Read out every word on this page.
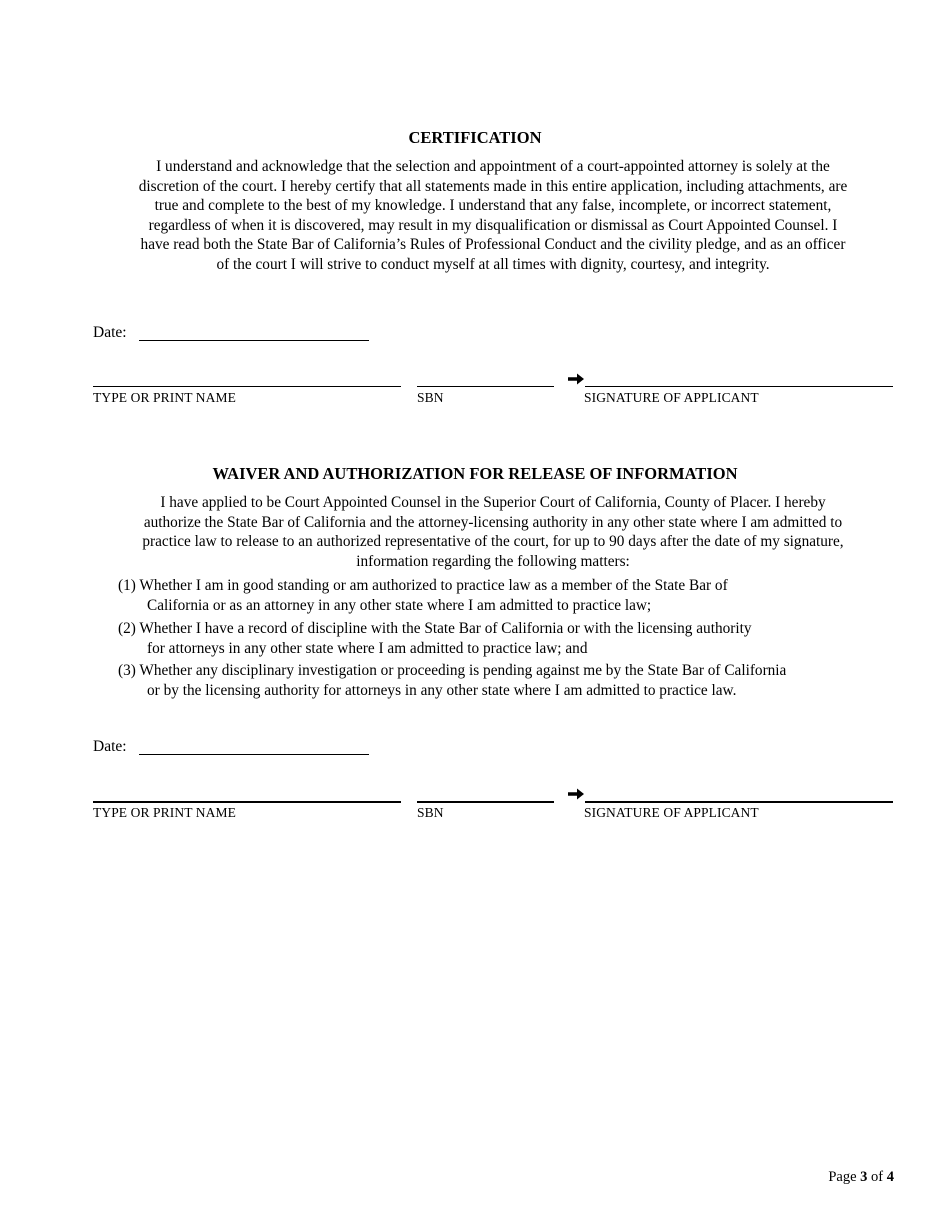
CERTIFICATION
I understand and acknowledge that the selection and appointment of a court-appointed attorney is solely at the
discretion of the court. I hereby certify that all statements made in this entire application, including attachments, are
true and complete to the best of my knowledge. I understand that any false, incomplete, or incorrect statement,
regardless of when it is discovered, may result in my disqualification or dismissal as Court Appointed Counsel. I
have read both the State Bar of California’s Rules of Professional Conduct and the civility pledge, and as an officer
of the court I will strive to conduct myself at all times with dignity, courtesy, and integrity.
Date:
TYPE OR PRINT NAME	SBN	SIGNATURE OF APPLICANT
WAIVER AND AUTHORIZATION FOR RELEASE OF INFORMATION
I have applied to be Court Appointed Counsel in the Superior Court of California, County of Placer. I hereby
authorize the State Bar of California and the attorney-licensing authority in any other state where I am admitted to
practice law to release to an authorized representative of the court, for up to 90 days after the date of my signature,
information regarding the following matters:
(1) Whether I am in good standing or am authorized to practice law as a member of the State Bar of
California or as an attorney in any other state where I am admitted to practice law;
(2) Whether I have a record of discipline with the State Bar of California or with the licensing authority
for attorneys in any other state where I am admitted to practice law; and
(3) Whether any disciplinary investigation or proceeding is pending against me by the State Bar of California
or by the licensing authority for attorneys in any other state where I am admitted to practice law.
Date:
TYPE OR PRINT NAME	SBN	SIGNATURE OF APPLICANT
Page 3 of 4
